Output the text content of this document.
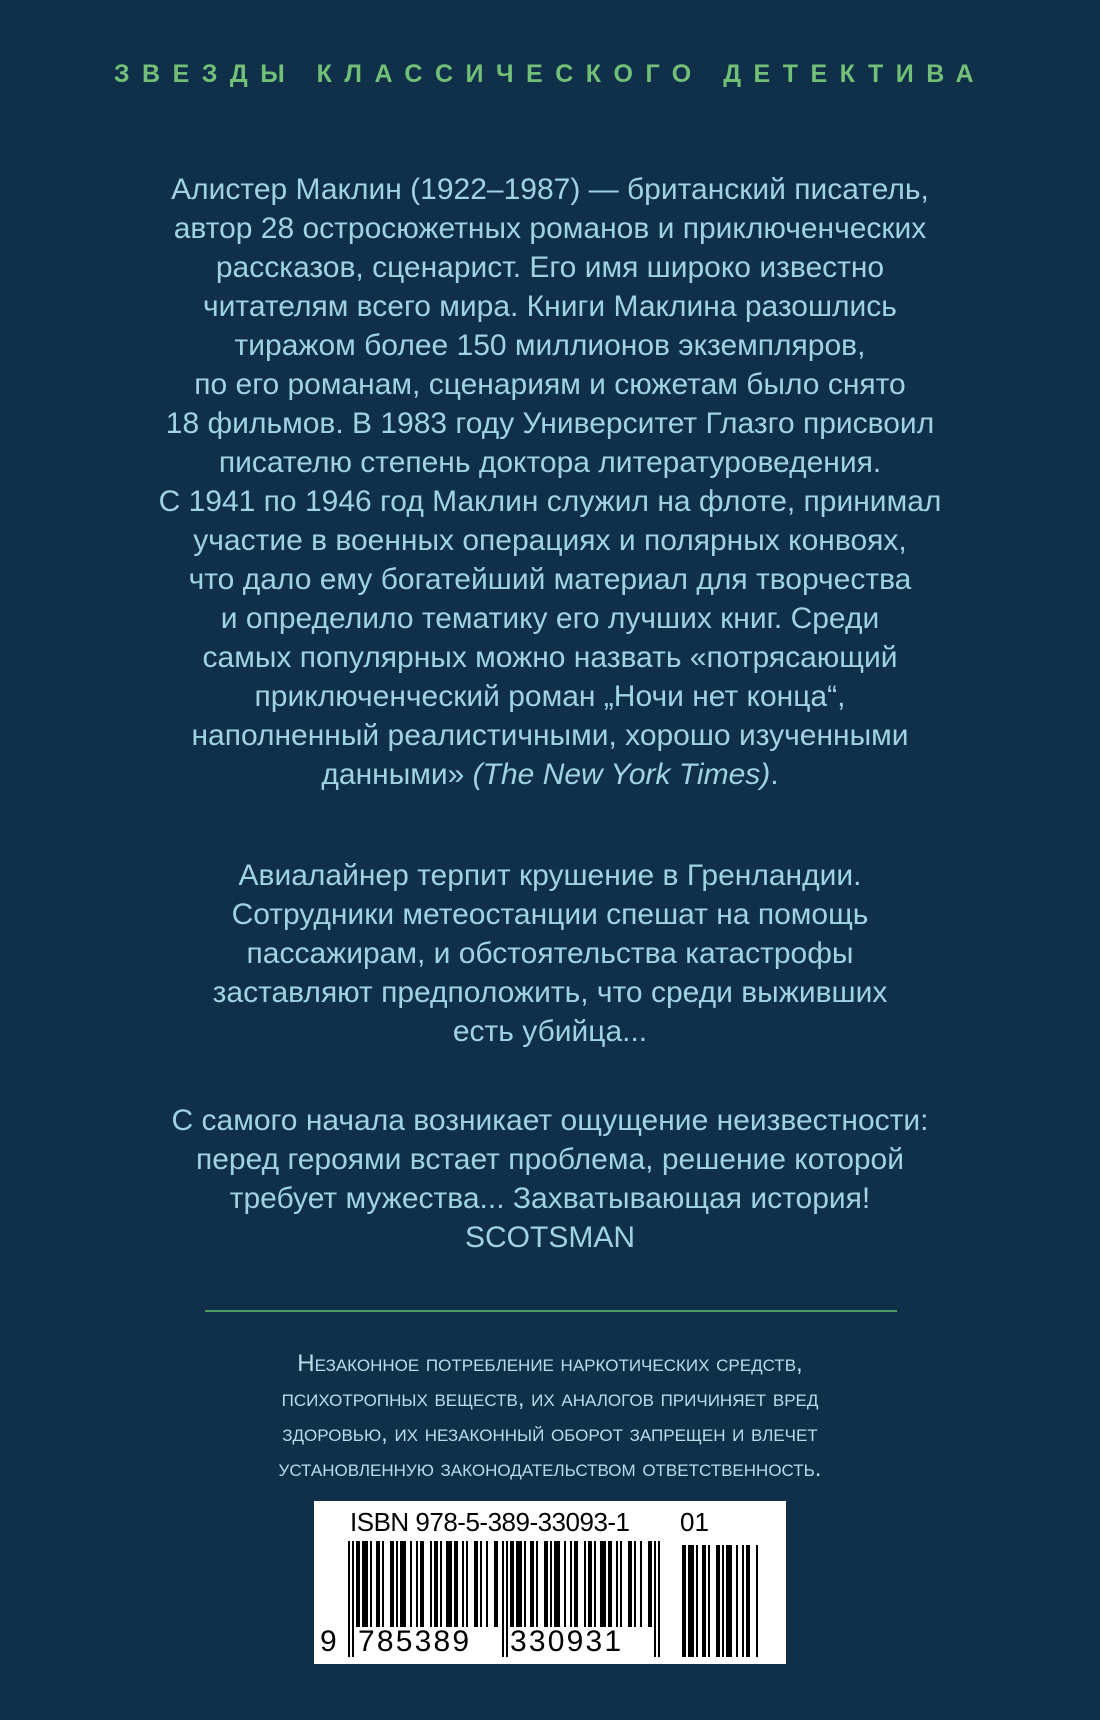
ЗВЕЗДЫ КЛАССИЧЕСКОГО ДЕТЕКТИВА
Алистер Маклин (1922–1987) — британский писатель,
автор 28 остросюжетных романов и приключенческих
рассказов, сценарист. Его имя широко известно
читателям всего мира. Книги Маклина разошлись
тиражом более 150 миллионов экземпляров,
по его романам, сценариям и сюжетам было снято
18 фильмов. В 1983 году Университет Глазго присвоил
писателю степень доктора литературоведения.
С 1941 по 1946 год Маклин служил на флоте, принимал
участие в военных операциях и полярных конвоях,
что дало ему богатейший материал для творчества
и определило тематику его лучших книг. Среди
самых популярных можно назвать «потрясающий
приключенческий роман „Ночи нет конца“,
наполненный реалистичными, хорошо изученными
данными» (The New York Times).
Авиалайнер терпит крушение в Гренландии.
Сотрудники метеостанции спешат на помощь
пассажирам, и обстоятельства катастрофы
заставляют предположить, что среди выживших
есть убийца...
С самого начала возникает ощущение неизвестности:
перед героями встает проблема, решение которой
требует мужества... Захватывающая история!
SCOTSMAN
Незаконное потребление наркотических средств,
психотропных веществ, их аналогов причиняет вред
здоровью, их незаконный оборот запрещен и влечет
установленную законодательством ответственность.
ISBN 978-5-389-33093-1 01
9 785389 330931
